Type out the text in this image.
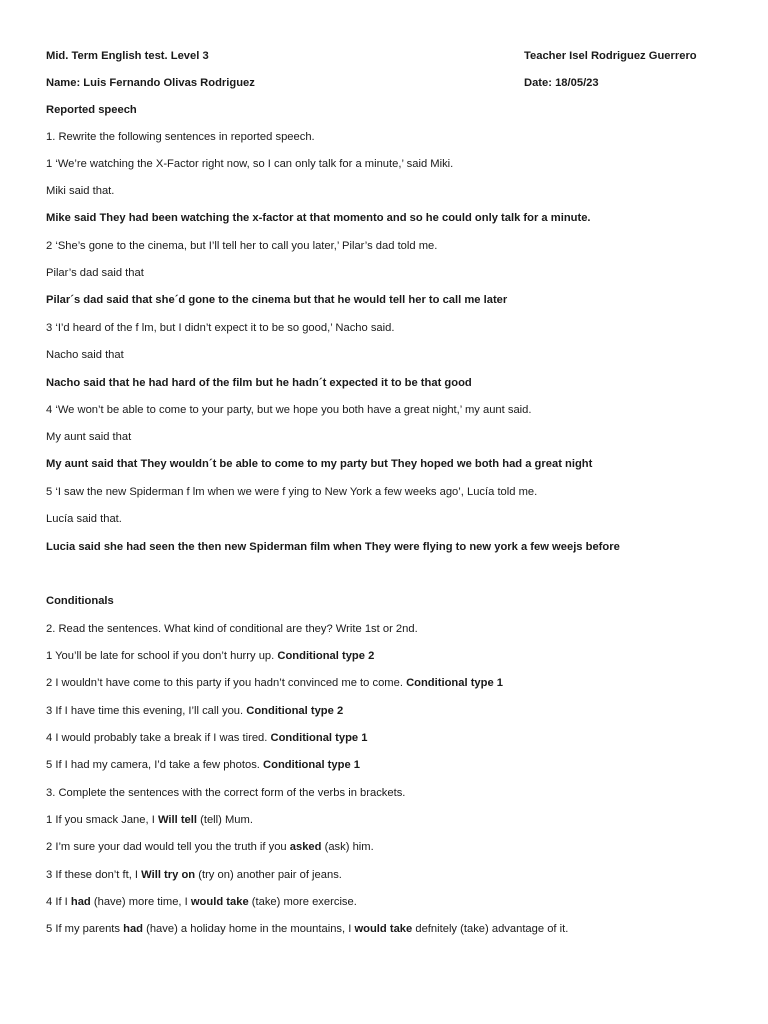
Mid. Term English test. Level 3	Teacher Isel Rodriguez Guerrero
Name: Luis Fernando Olivas Rodriguez	Date: 18/05/23
Reported speech
1. Rewrite the following sentences in reported speech.
1 ‘We’re watching the X-Factor right now, so I can only talk for a minute,’ said Miki.
Miki said that.
Mike said They had been watching the x-factor at that momento and so he could only talk for a minute.
2 ‘She’s gone to the cinema, but I’ll tell her to call you later,’ Pilar’s dad told me.
Pilar’s dad said that
Pilar´s dad said that she´d gone to the cinema but that he would tell her to call me later
3 ‘I’d heard of the f lm, but I didn’t expect it to be so good,’ Nacho said.
Nacho said that
Nacho said that he had hard of the film but he hadn´t expected it to be that good
4 ‘We won’t be able to come to your party, but we hope you both have a great night,’ my aunt said.
My aunt said that
My aunt said that They wouldn´t be able to come to my party but They hoped we both had a great night
5 ‘I saw the new Spiderman f lm when we were f ying to New York a few weeks ago’, Lucía told me.
Lucía said that.
Lucia said she had seen the then new Spiderman film when They were flying to new york a few weejs before
Conditionals
2. Read the sentences. What kind of conditional are they? Write 1st or 2nd.
1 You’ll be late for school if you don’t hurry up. Conditional type 2
2 I wouldn’t have come to this party if you hadn’t convinced me to come. Conditional type 1
3 If I have time this evening, I’ll call you. Conditional type 2
4 I would probably take a break if I was tired. Conditional type 1
5 If I had my camera, I’d take a few photos. Conditional type 1
3. Complete the sentences with the correct form of the verbs in brackets.
1 If you smack Jane, I Will tell (tell) Mum.
2 I’m sure your dad would tell you the truth if you asked (ask) him.
3 If these don’t ft, I Will try on (try on) another pair of jeans.
4 If I had (have) more time, I would take (take) more exercise.
5 If my parents had (have) a holiday home in the mountains, I would take defnitely (take) advantage of it.
